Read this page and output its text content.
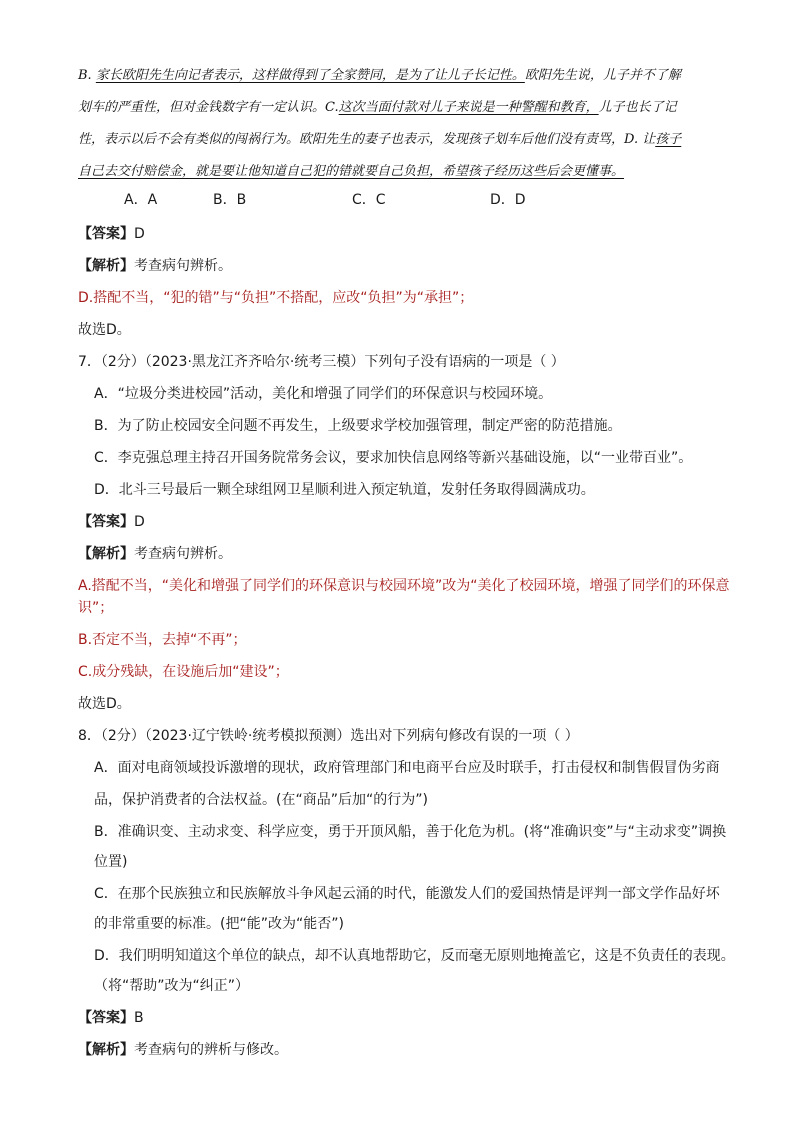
B. 家长欧阳先生向记者表示，这样做得到了全家赞同，是为了让儿子长记性。欧阳先生说，儿子并不了解
划车的严重性，但对金钱数字有一定认识。C.这次当面付款对儿子来说是一种警醒和教育，儿子也长了记
性，表示以后不会有类似的闯祸行为。欧阳先生的妻子也表示，发现孩子划车后他们没有责骂，D. 让孩子
自己去交付赔偿金，就是要让他知道自己犯的错就要自己负担，希望孩子经历这些后会更懂事。
A．A	B．B	C．C	D．D
【答案】D
【解析】考查病句辨析。
D.搭配不当，“犯的错”与“负担”不搭配，应改“负担”为“承担”；
故选D。
7．（2分）（2023·黑龙江齐齐哈尔·统考三模）下列句子没有语病的一项是（ ）
A．“垃圾分类进校园”活动，美化和增强了同学们的环保意识与校园环境。
B．为了防止校园安全问题不再发生，上级要求学校加强管理，制定严密的防范措施。
C．李克强总理主持召开国务院常务会议，要求加快信息网络等新兴基础设施，以“一业带百业”。
D．北斗三号最后一颗全球组网卫星顺利进入预定轨道，发射任务取得圆满成功。
【答案】D
【解析】考查病句辨析。
A.搭配不当，“美化和增强了同学们的环保意识与校园环境”改为“美化了校园环境，增强了同学们的环保意
识”；
B.否定不当，去掉“不再”；
C.成分残缺，在设施后加“建设”；
故选D。
8．（2分）（2023·辽宁铁岭·统考模拟预测）选出对下列病句修改有误的一项（ ）
A．面对电商领域投诉激增的现状，政府管理部门和电商平台应及时联手，打击侵权和制售假冒伪劣商
品，保护消费者的合法权益。(在“商品”后加“的行为”)
B．准确识变、主动求变、科学应变，勇于开顶风船，善于化危为机。(将“准确识变”与“主动求变”调换
位置)
C．在那个民族独立和民族解放斗争风起云涌的时代，能激发人们的爱国热情是评判一部文学作品好坏
的非常重要的标准。(把“能”改为“能否”)
D．我们明明知道这个单位的缺点，却不认真地帮助它，反而毫无原则地掩盖它，这是不负责任的表现。
（将“帮助”改为“纠正”）
【答案】B
【解析】考查病句的辨析与修改。
